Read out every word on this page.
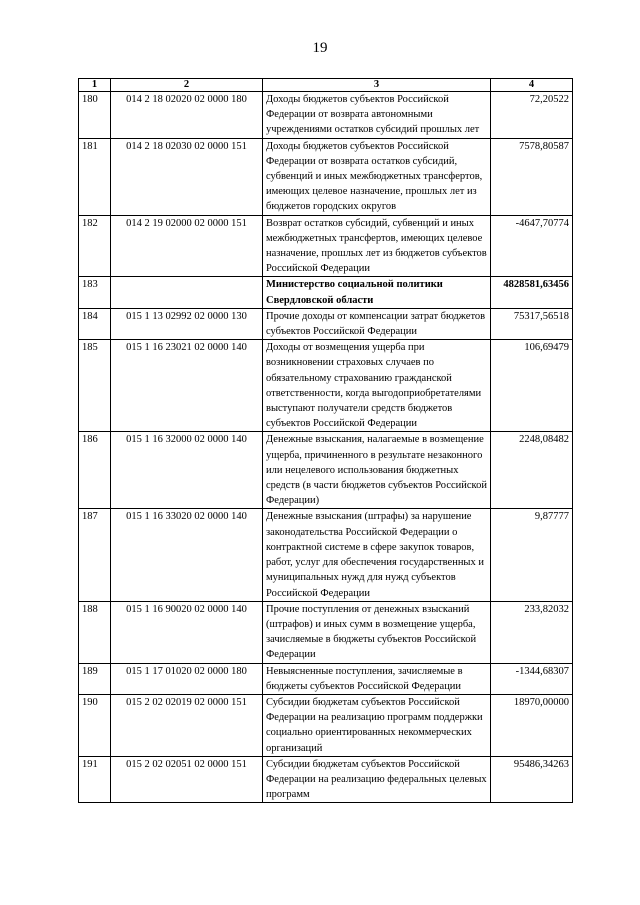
19
1	2	3	4
180	014 2 18 02020 02 0000 180	Доходы бюджетов субъектов Российской Федерации от возврата автономными учреждениями остатков субсидий прошлых лет	72,20522
181	014 2 18 02030 02 0000 151	Доходы бюджетов субъектов Российской Федерации от возврата остатков субсидий, субвенций и иных межбюджетных трансфертов, имеющих целевое назначение, прошлых лет из бюджетов городских округов	7578,80587
182	014 2 19 02000 02 0000 151	Возврат остатков субсидий, субвенций и иных межбюджетных трансфертов, имеющих целевое назначение, прошлых лет из бюджетов субъектов Российской Федерации	-4647,70774
183		Министерство социальной политики Свердловской области	4828581,63456
184	015 1 13 02992 02 0000 130	Прочие доходы от компенсации затрат бюджетов субъектов Российской Федерации	75317,56518
185	015 1 16 23021 02 0000 140	Доходы от возмещения ущерба при возникновении страховых случаев по обязательному страхованию гражданской ответственности, когда выгодоприобретателями выступают получатели средств бюджетов субъектов Российской Федерации	106,69479
186	015 1 16 32000 02 0000 140	Денежные взыскания, налагаемые в возмещение ущерба, причиненного в результате незаконного или нецелевого использования бюджетных средств (в части бюджетов субъектов Российской Федерации)	2248,08482
187	015 1 16 33020 02 0000 140	Денежные взыскания (штрафы) за нарушение законодательства Российской Федерации о контрактной системе в сфере закупок товаров, работ, услуг для обеспечения государственных и муниципальных нужд для нужд субъектов Российской Федерации	9,87777
188	015 1 16 90020 02 0000 140	Прочие поступления от денежных взысканий (штрафов) и иных сумм в возмещение ущерба, зачисляемые в бюджеты субъектов Российской Федерации	233,82032
189	015 1 17 01020 02 0000 180	Невыясненные поступления, зачисляемые в бюджеты субъектов Российской Федерации	-1344,68307
190	015 2 02 02019 02 0000 151	Субсидии бюджетам субъектов Российской Федерации на реализацию программ поддержки социально ориентированных некоммерческих организаций	18970,00000
191	015 2 02 02051 02 0000 151	Субсидии бюджетам субъектов Российской Федерации на реализацию федеральных целевых программ	95486,34263
